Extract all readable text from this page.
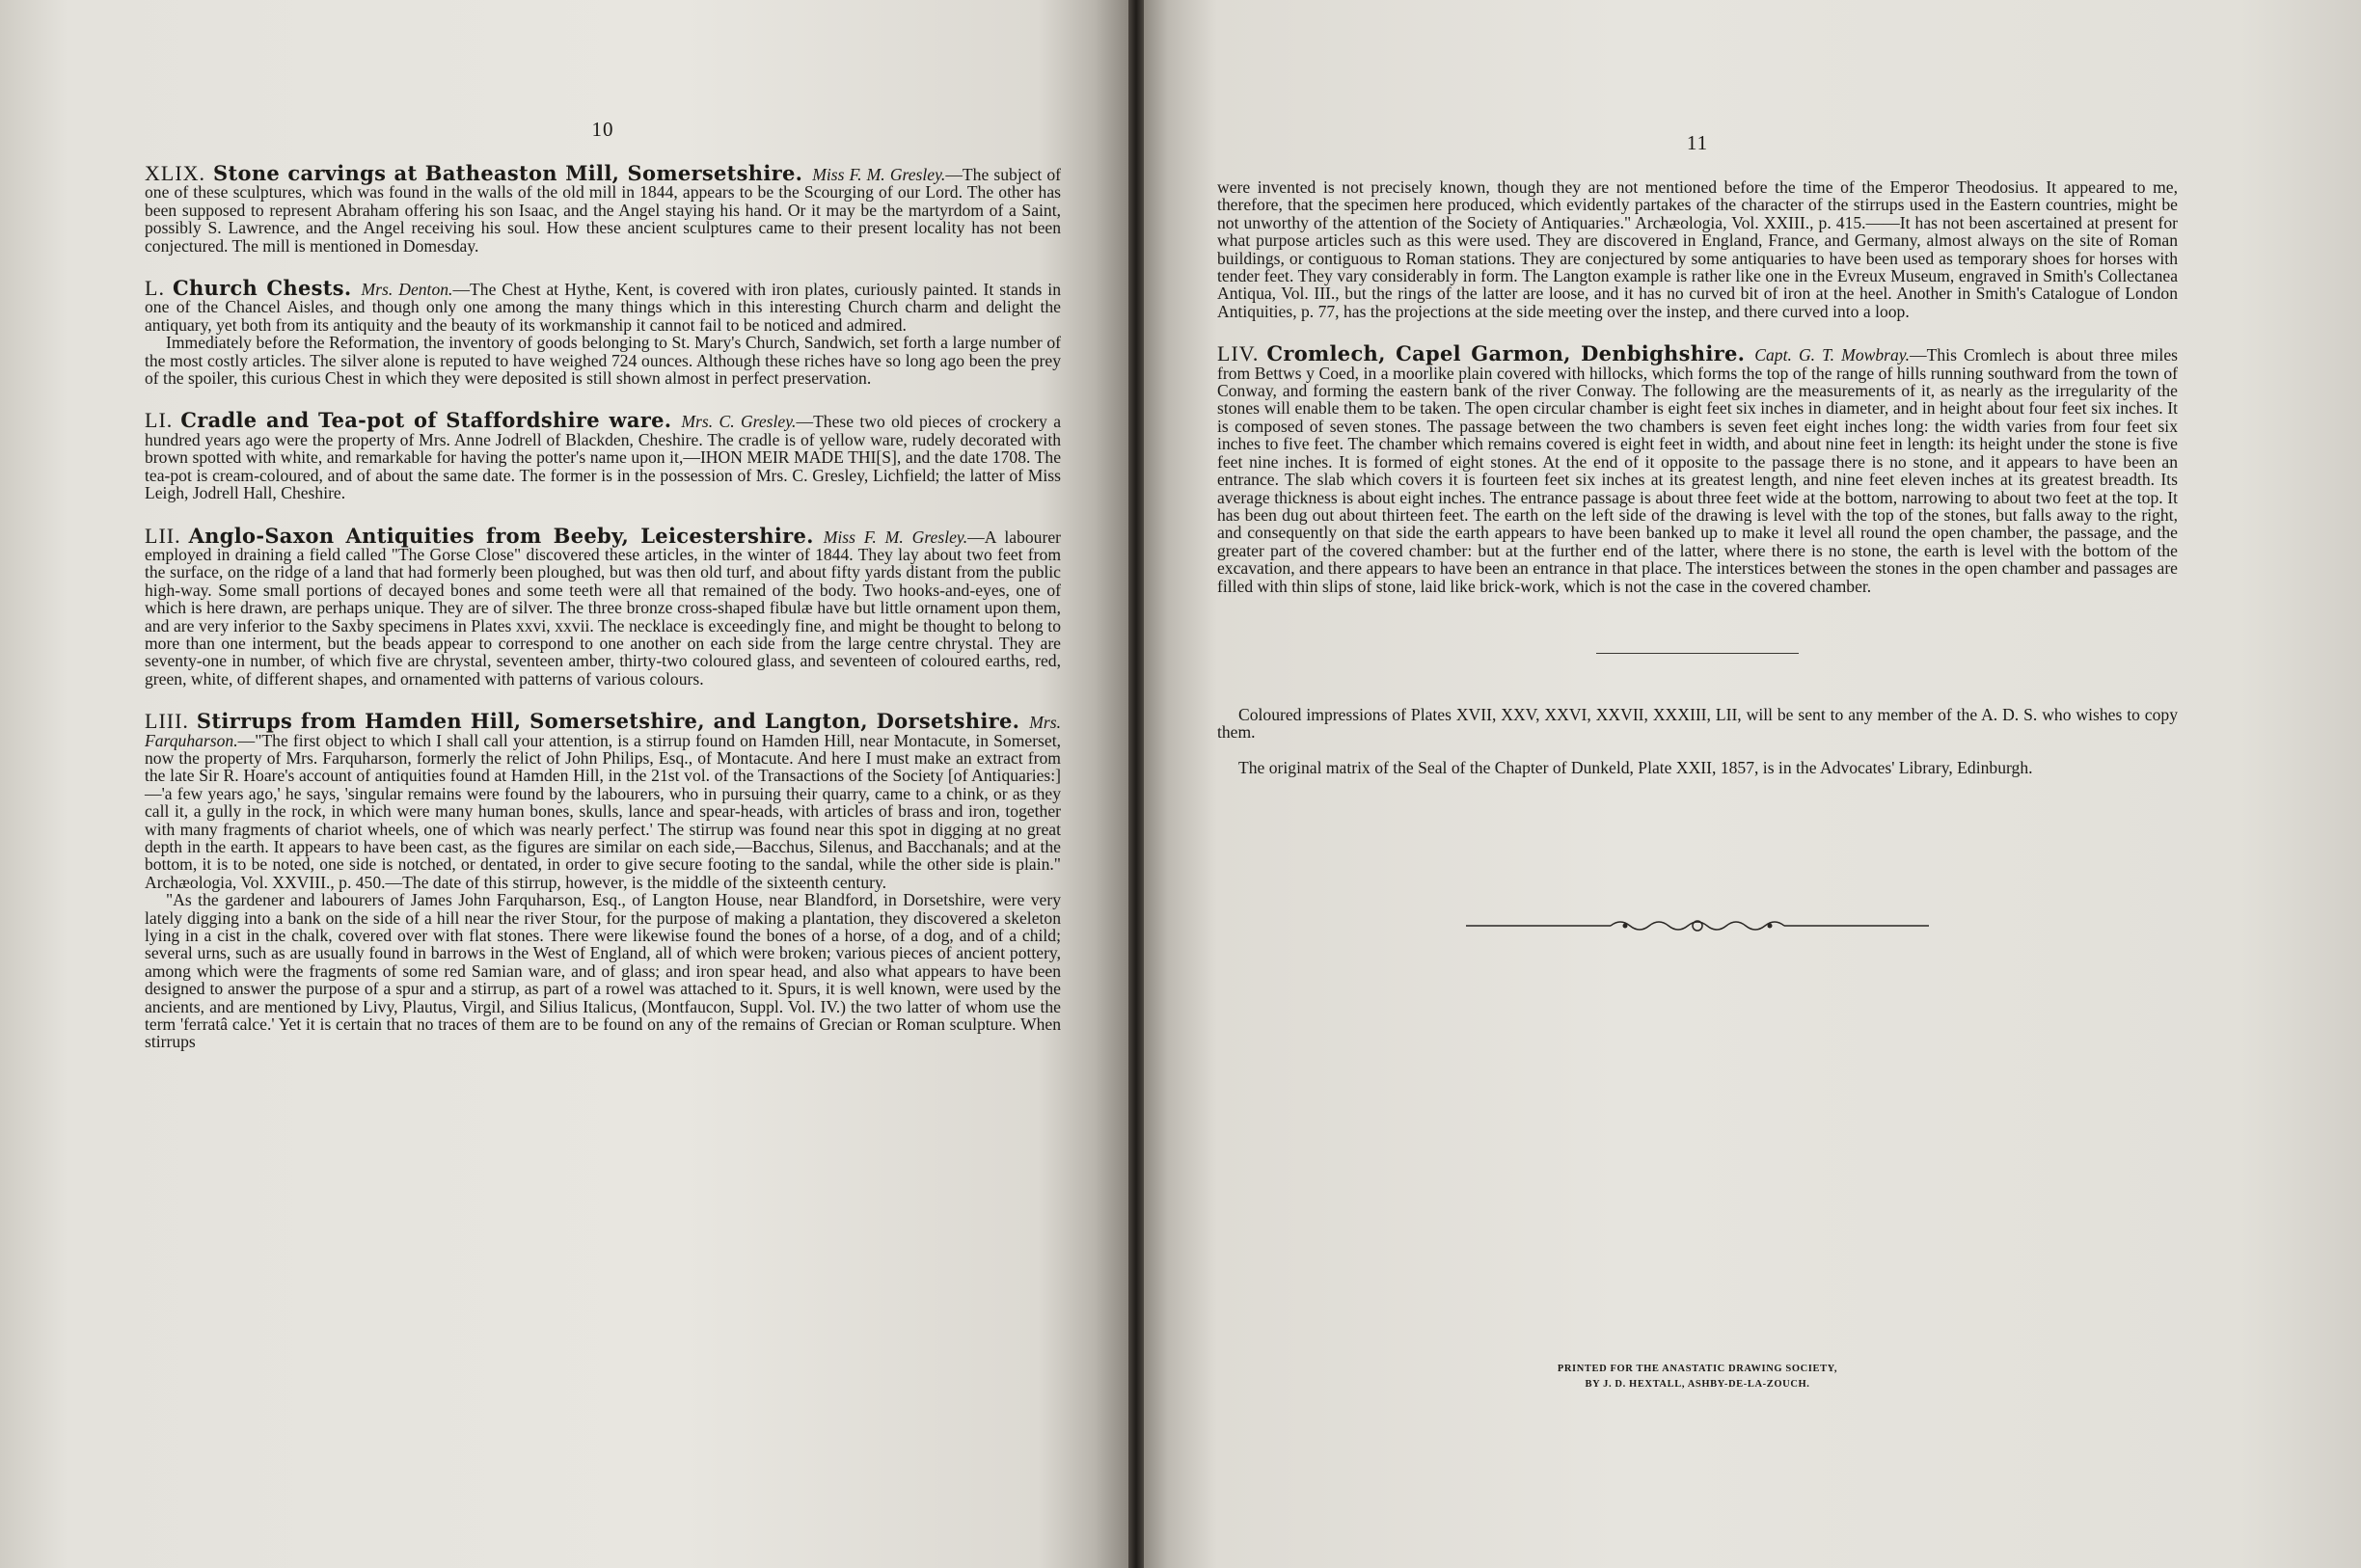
10

XLIX. Stone carvings at Batheaston Mill, Somersetshire. Miss F. M. Gresley.—The subject of one of these sculptures, which was found in the walls of the old mill in 1844, appears to be the Scourging of our Lord. The other has been supposed to represent Abraham offering his son Isaac, and the Angel staying his hand. Or it may be the martyrdom of a Saint, possibly S. Lawrence, and the Angel receiving his soul. How these ancient sculptures came to their present locality has not been conjectured. The mill is mentioned in Domesday.

L. Church Chests. Mrs. Denton.—The Chest at Hythe, Kent, is covered with iron plates, curiously painted. It stands in one of the Chancel Aisles, and though only one among the many things which in this interesting Church charm and delight the antiquary, yet both from its antiquity and the beauty of its workmanship it cannot fail to be noticed and admired.

Immediately before the Reformation, the inventory of goods belonging to St. Mary's Church, Sandwich, set forth a large number of the most costly articles. The silver alone is reputed to have weighed 724 ounces. Although these riches have so long ago been the prey of the spoiler, this curious Chest in which they were deposited is still shown almost in perfect preservation.

LI. Cradle and Tea-pot of Staffordshire ware. Mrs. C. Gresley.—These two old pieces of crockery a hundred years ago were the property of Mrs. Anne Jodrell of Blackden, Cheshire. The cradle is of yellow ware, rudely decorated with brown spotted with white, and remarkable for having the potter's name upon it,—IHON MEIR MADE THI[S], and the date 1708. The tea-pot is cream-coloured, and of about the same date. The former is in the possession of Mrs. C. Gresley, Lichfield; the latter of Miss Leigh, Jodrell Hall, Cheshire.

LII. Anglo-Saxon Antiquities from Beeby, Leicestershire. Miss F. M. Gresley.—A labourer employed in draining a field called "The Gorse Close" discovered these articles, in the winter of 1844. They lay about two feet from the surface, on the ridge of a land that had formerly been ploughed, but was then old turf, and about fifty yards distant from the public high-way. Some small portions of decayed bones and some teeth were all that remained of the body. Two hooks-and-eyes, one of which is here drawn, are perhaps unique. They are of silver. The three bronze cross-shaped fibulæ have but little ornament upon them, and are very inferior to the Saxby specimens in Plates xxvi, xxvii. The necklace is exceedingly fine, and might be thought to belong to more than one interment, but the beads appear to correspond to one another on each side from the large centre chrystal. They are seventy-one in number, of which five are chrystal, seventeen amber, thirty-two coloured glass, and seventeen of coloured earths, red, green, white, of different shapes, and ornamented with patterns of various colours.

LIII. Stirrups from Hamden Hill, Somersetshire, and Langton, Dorsetshire. Mrs. Farquharson.—"The first object to which I shall call your attention, is a stirrup found on Hamden Hill, near Montacute, in Somerset, now the property of Mrs. Farquharson, formerly the relict of John Philips, Esq., of Montacute. And here I must make an extract from the late Sir R. Hoare's account of antiquities found at Hamden Hill, in the 21st vol. of the Transactions of the Society [of Antiquaries:]—'a few years ago,' he says, 'singular remains were found by the labourers, who in pursuing their quarry, came to a chink, or as they call it, a gully in the rock, in which were many human bones, skulls, lance and spear-heads, with articles of brass and iron, together with many fragments of chariot wheels, one of which was nearly perfect.' The stirrup was found near this spot in digging at no great depth in the earth. It appears to have been cast, as the figures are similar on each side,—Bacchus, Silenus, and Bacchanals; and at the bottom, it is to be noted, one side is notched, or dentated, in order to give secure footing to the sandal, while the other side is plain." Archæologia, Vol. XXVIII., p. 450.—The date of this stirrup, however, is the middle of the sixteenth century.

"As the gardener and labourers of James John Farquharson, Esq., of Langton House, near Blandford, in Dorsetshire, were very lately digging into a bank on the side of a hill near the river Stour, for the purpose of making a plantation, they discovered a skeleton lying in a cist in the chalk, covered over with flat stones. There were likewise found the bones of a horse, of a dog, and of a child; several urns, such as are usually found in barrows in the West of England, all of which were broken; various pieces of ancient pottery, among which were the fragments of some red Samian ware, and of glass; and iron spear head, and also what appears to have been designed to answer the purpose of a spur and a stirrup, as part of a rowel was attached to it. Spurs, it is well known, were used by the ancients, and are mentioned by Livy, Plautus, Virgil, and Silius Italicus, (Montfaucon, Suppl. Vol. IV.) the two latter of whom use the term 'ferratâ calce.' Yet it is certain that no traces of them are to be found on any of the remains of Grecian or Roman sculpture. When stirrups

11

were invented is not precisely known, though they are not mentioned before the time of the Emperor Theodosius. It appeared to me, therefore, that the specimen here produced, which evidently partakes of the character of the stirrups used in the Eastern countries, might be not unworthy of the attention of the Society of Antiquaries." Archæologia, Vol. XXIII., p. 415.——It has not been ascertained at present for what purpose articles such as this were used. They are discovered in England, France, and Germany, almost always on the site of Roman buildings, or contiguous to Roman stations. They are conjectured by some antiquaries to have been used as temporary shoes for horses with tender feet. They vary considerably in form. The Langton example is rather like one in the Evreux Museum, engraved in Smith's Collectanea Antiqua, Vol. III., but the rings of the latter are loose, and it has no curved bit of iron at the heel. Another in Smith's Catalogue of London Antiquities, p. 77, has the projections at the side meeting over the instep, and there curved into a loop.

LIV. Cromlech, Capel Garmon, Denbighshire. Capt. G. T. Mowbray.—This Cromlech is about three miles from Bettws y Coed, in a moorlike plain covered with hillocks, which forms the top of the range of hills running southward from the town of Conway, and forming the eastern bank of the river Conway. The following are the measurements of it, as nearly as the irregularity of the stones will enable them to be taken. The open circular chamber is eight feet six inches in diameter, and in height about four feet six inches. It is composed of seven stones. The passage between the two chambers is seven feet eight inches long: the width varies from four feet six inches to five feet. The chamber which remains covered is eight feet in width, and about nine feet in length: its height under the stone is five feet nine inches. It is formed of eight stones. At the end of it opposite to the passage there is no stone, and it appears to have been an entrance. The slab which covers it is fourteen feet six inches at its greatest length, and nine feet eleven inches at its greatest breadth. Its average thickness is about eight inches. The entrance passage is about three feet wide at the bottom, narrowing to about two feet at the top. It has been dug out about thirteen feet. The earth on the left side of the drawing is level with the top of the stones, but falls away to the right, and consequently on that side the earth appears to have been banked up to make it level all round the open chamber, the passage, and the greater part of the covered chamber: but at the further end of the latter, where there is no stone, the earth is level with the bottom of the excavation, and there appears to have been an entrance in that place. The interstices between the stones in the open chamber and passages are filled with thin slips of stone, laid like brick-work, which is not the case in the covered chamber.

Coloured impressions of Plates XVII, XXV, XXVI, XXVII, XXXIII, LII, will be sent to any member of the A. D. S. who wishes to copy them.

The original matrix of the Seal of the Chapter of Dunkeld, Plate XXII, 1857, is in the Advocates' Library, Edinburgh.

PRINTED FOR THE ANASTATIC DRAWING SOCIETY,
BY J. D. HEXTALL, ASHBY-DE-LA-ZOUCH.
